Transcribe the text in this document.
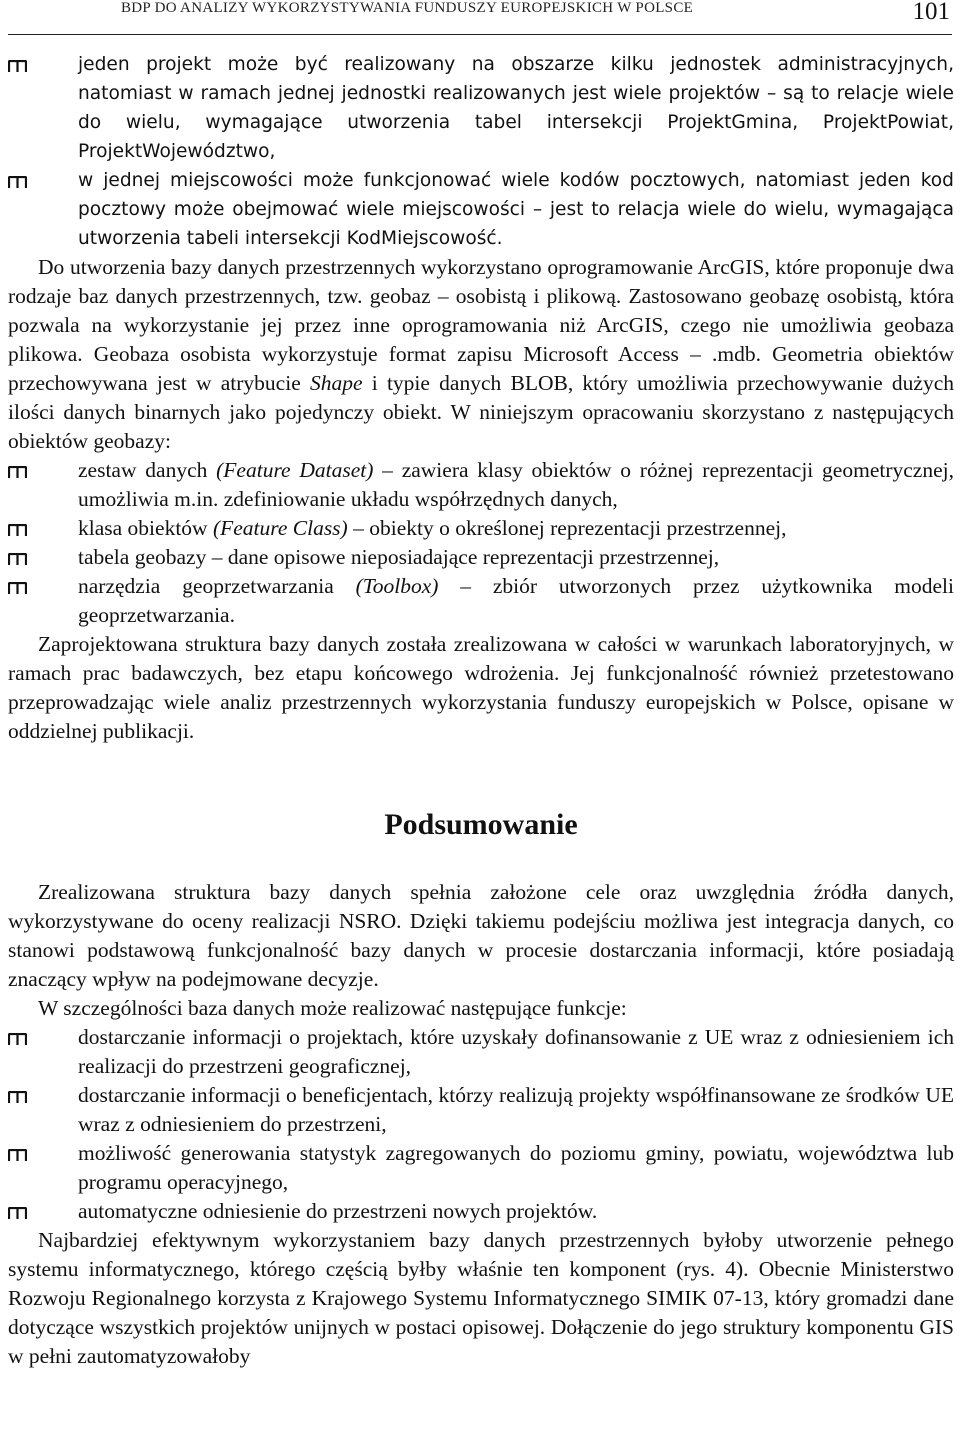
BDP DO ANALIZY WYKORZYSTYWANIA FUNDUSZY EUROPEJSKICH W POLSCE	101

jeden projekt może być realizowany na obszarze kilku jednostek administracyjnych, natomiast w ramach jednej jednostki realizowanych jest wiele projektów – są to relacje wiele do wielu, wymagające utworzenia tabel intersekcji ProjektGmina, ProjektPowiat, ProjektWojewództwo,

w jednej miejscowości może funkcjonować wiele kodów pocztowych, natomiast jeden kod pocztowy może obejmować wiele miejscowości – jest to relacja wiele do wielu, wymagająca utworzenia tabeli intersekcji KodMiejscowość.

Do utworzenia bazy danych przestrzennych wykorzystano oprogramowanie ArcGIS, które proponuje dwa rodzaje baz danych przestrzennych, tzw. geobaz – osobistą i plikową. Zastosowano geobazę osobistą, która pozwala na wykorzystanie jej przez inne oprogramowania niż ArcGIS, czego nie umożliwia geobaza plikowa. Geobaza osobista wykorzystuje format zapisu Microsoft Access – .mdb. Geometria obiektów przechowywana jest w atrybucie Shape i typie danych BLOB, który umożliwia przechowywanie dużych ilości danych binarnych jako pojedynczy obiekt. W niniejszym opracowaniu skorzystano z następujących obiektów geobazy:

zestaw danych (Feature Dataset) – zawiera klasy obiektów o różnej reprezentacji geometrycznej, umożliwia m.in. zdefiniowanie układu współrzędnych danych,

klasa obiektów (Feature Class) – obiekty o określonej reprezentacji przestrzennej,

tabela geobazy – dane opisowe nieposiadające reprezentacji przestrzennej,

narzędzia geoprzetwarzania (Toolbox) – zbiór utworzonych przez użytkownika modeli geoprzetwarzania.

Zaprojektowana struktura bazy danych została zrealizowana w całości w warunkach laboratoryjnych, w ramach prac badawczych, bez etapu końcowego wdrożenia. Jej funkcjonalność również przetestowano przeprowadzając wiele analiz przestrzennych wykorzystania funduszy europejskich w Polsce, opisane w oddzielnej publikacji.

Podsumowanie

Zrealizowana struktura bazy danych spełnia założone cele oraz uwzględnia źródła danych, wykorzystywane do oceny realizacji NSRO. Dzięki takiemu podejściu możliwa jest integracja danych, co stanowi podstawową funkcjonalność bazy danych w procesie dostarczania informacji, które posiadają znaczący wpływ na podejmowane decyzje.

W szczególności baza danych może realizować następujące funkcje:

dostarczanie informacji o projektach, które uzyskały dofinansowanie z UE wraz z odniesieniem ich realizacji do przestrzeni geograficznej,

dostarczanie informacji o beneficjentach, którzy realizują projekty współfinansowane ze środków UE wraz z odniesieniem do przestrzeni,

możliwość generowania statystyk zagregowanych do poziomu gminy, powiatu, województwa lub programu operacyjnego,

automatyczne odniesienie do przestrzeni nowych projektów.

Najbardziej efektywnym wykorzystaniem bazy danych przestrzennych byłoby utworzenie pełnego systemu informatycznego, którego częścią byłby właśnie ten komponent (rys. 4). Obecnie Ministerstwo Rozwoju Regionalnego korzysta z Krajowego Systemu Informatycznego SIMIK 07-13, który gromadzi dane dotyczące wszystkich projektów unijnych w postaci opisowej. Dołączenie do jego struktury komponentu GIS w pełni zautomatyzowałoby
